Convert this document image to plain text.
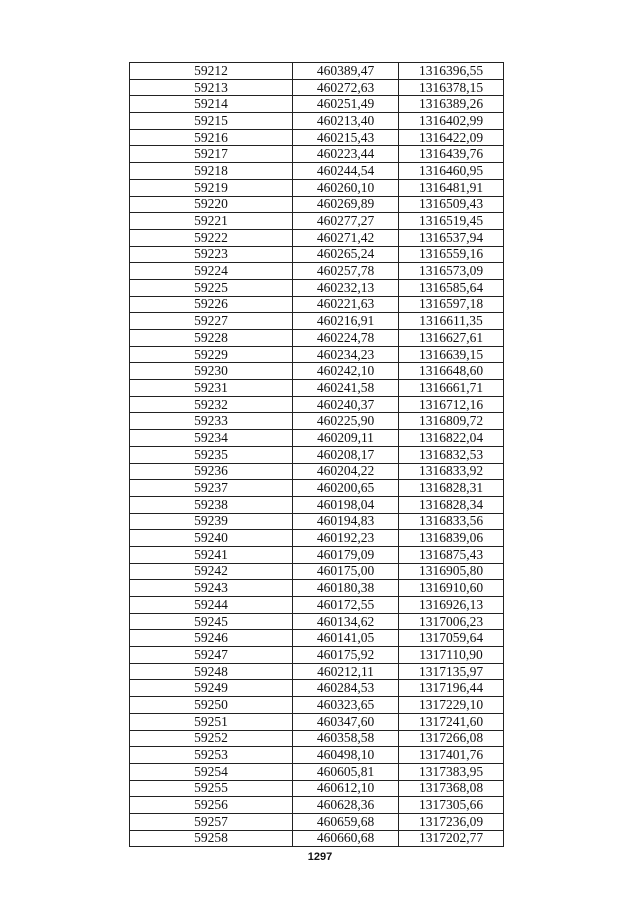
59212	460389,47	1316396,55
59213	460272,63	1316378,15
59214	460251,49	1316389,26
59215	460213,40	1316402,99
59216	460215,43	1316422,09
59217	460223,44	1316439,76
59218	460244,54	1316460,95
59219	460260,10	1316481,91
59220	460269,89	1316509,43
59221	460277,27	1316519,45
59222	460271,42	1316537,94
59223	460265,24	1316559,16
59224	460257,78	1316573,09
59225	460232,13	1316585,64
59226	460221,63	1316597,18
59227	460216,91	1316611,35
59228	460224,78	1316627,61
59229	460234,23	1316639,15
59230	460242,10	1316648,60
59231	460241,58	1316661,71
59232	460240,37	1316712,16
59233	460225,90	1316809,72
59234	460209,11	1316822,04
59235	460208,17	1316832,53
59236	460204,22	1316833,92
59237	460200,65	1316828,31
59238	460198,04	1316828,34
59239	460194,83	1316833,56
59240	460192,23	1316839,06
59241	460179,09	1316875,43
59242	460175,00	1316905,80
59243	460180,38	1316910,60
59244	460172,55	1316926,13
59245	460134,62	1317006,23
59246	460141,05	1317059,64
59247	460175,92	1317110,90
59248	460212,11	1317135,97
59249	460284,53	1317196,44
59250	460323,65	1317229,10
59251	460347,60	1317241,60
59252	460358,58	1317266,08
59253	460498,10	1317401,76
59254	460605,81	1317383,95
59255	460612,10	1317368,08
59256	460628,36	1317305,66
59257	460659,68	1317236,09
59258	460660,68	1317202,77
1297
